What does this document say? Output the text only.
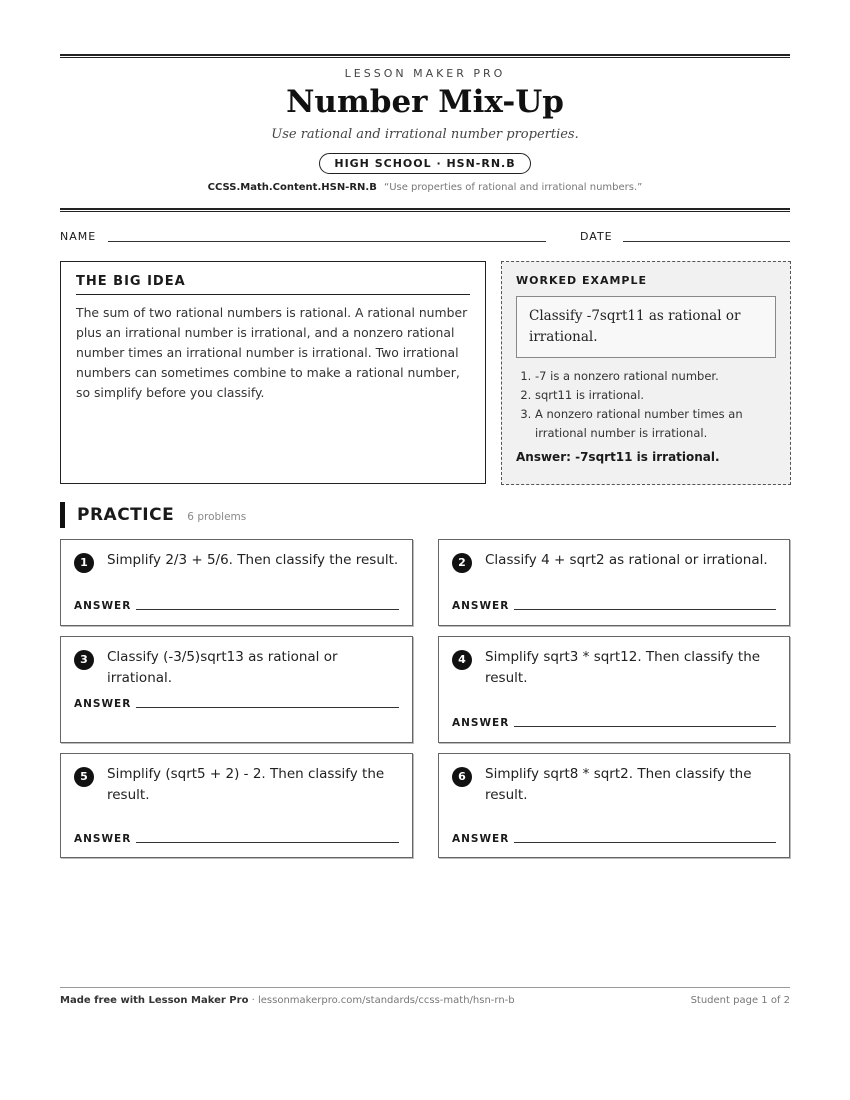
LESSON MAKER PRO
Number Mix-Up
Use rational and irrational number properties.
HIGH SCHOOL · HSN-RN.B
CCSS.Math.Content.HSN-RN.B “Use properties of rational and irrational numbers.”
NAME	DATE
THE BIG IDEA

The sum of two rational numbers is rational. A rational number plus an irrational number is irrational, and a nonzero rational number times an irrational number is irrational. Two irrational numbers can sometimes combine to make a rational number, so simplify before you classify.

WORKED EXAMPLE
Classify -7sqrt11 as rational or irrational.
1. -7 is a nonzero rational number.
2. sqrt11 is irrational.
3. A nonzero rational number times an irrational number is irrational.
Answer: -7sqrt11 is irrational.
PRACTICE 6 problems
1	Simplify 2/3 + 5/6. Then classify the result.
ANSWER
2	Classify 4 + sqrt2 as rational or irrational.
ANSWER
3	Classify (-3/5)sqrt13 as rational or irrational.
ANSWER
4	Simplify sqrt3 * sqrt12. Then classify the result.
ANSWER
5	Simplify (sqrt5 + 2) - 2. Then classify the result.
ANSWER
6	Simplify sqrt8 * sqrt2. Then classify the result.
ANSWER
Made free with Lesson Maker Pro · lessonmakerpro.com/standards/ccss-math/hsn-rn-b	Student page 1 of 2
